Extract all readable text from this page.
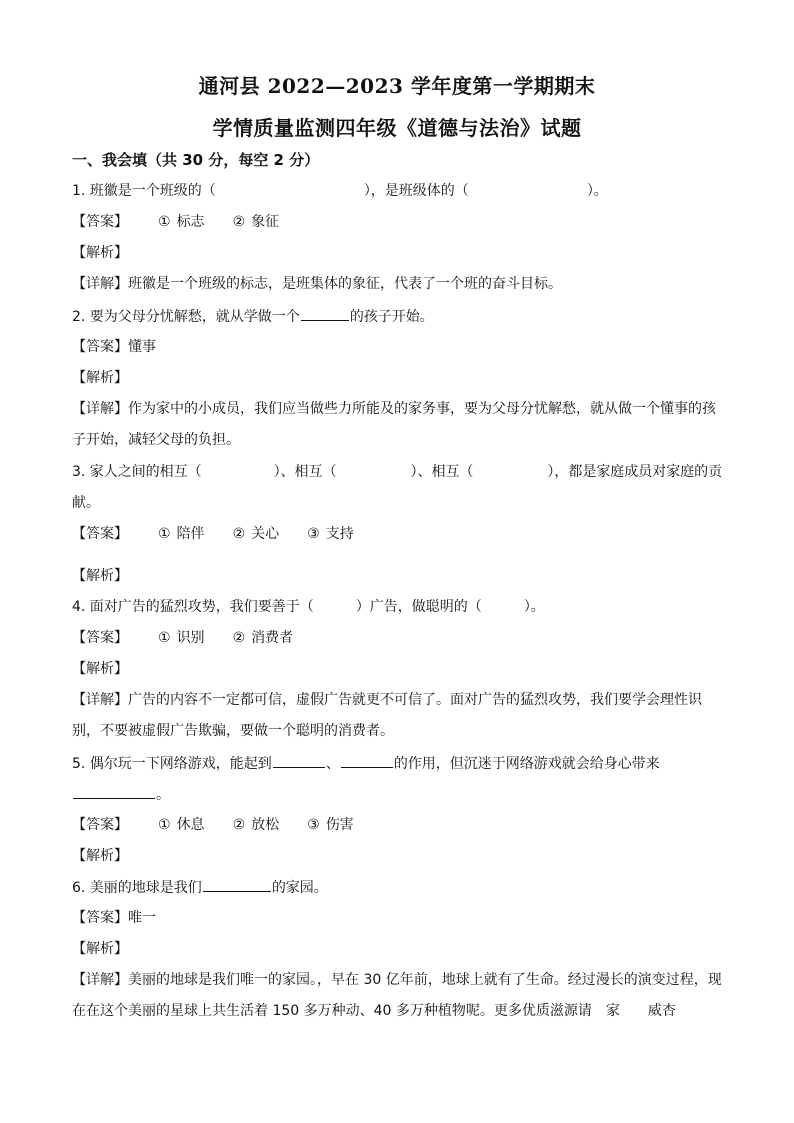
通河县 2022—2023 学年度第一学期期末
学情质量监测四年级《道德与法治》试题
一、我会填（共 30 分，每空 2 分）
1. 班徽是一个班级的（	），是班级体的（	）。
【答案】 ① 标志 ② 象征
【解析】
【详解】班徽是一个班级的标志，是班集体的象征，代表了一个班的奋斗目标。
2. 要为父母分忧解愁，就从学做一个	的孩子开始。
【答案】懂事
【解析】
【详解】作为家中的小成员，我们应当做些力所能及的家务事，要为父母分忧解愁，就从做一个懂事的孩
子开始，减轻父母的负担。
3. 家人之间的相互（	）、相互（	）、相互（	），都是家庭成员对家庭的贡
献。
【答案】 ① 陪伴 ② 关心 ③ 支持
【解析】
4. 面对广告的猛烈攻势，我们要善于（	）广告，做聪明的（	）。
【答案】 ① 识别 ② 消费者
【解析】
【详解】广告的内容不一定都可信，虚假广告就更不可信了。面对广告的猛烈攻势，我们要学会理性识
别，不要被虚假广告欺骗，要做一个聪明的消费者。
5. 偶尔玩一下网络游戏，能起到	、	的作用，但沉迷于网络游戏就会给身心带来
。
【答案】 ① 休息 ② 放松 ③ 伤害
【解析】
6. 美丽的地球是我们	的家园。
【答案】唯一
【解析】
【详解】美丽的地球是我们唯一的家园。，早在 30 亿年前，地球上就有了生命。经过漫长的演变过程，现
在在这个美丽的星球上共生活着 150 多万种动、40 多万种植物呢。更多优质滋源请　家　　威杏
